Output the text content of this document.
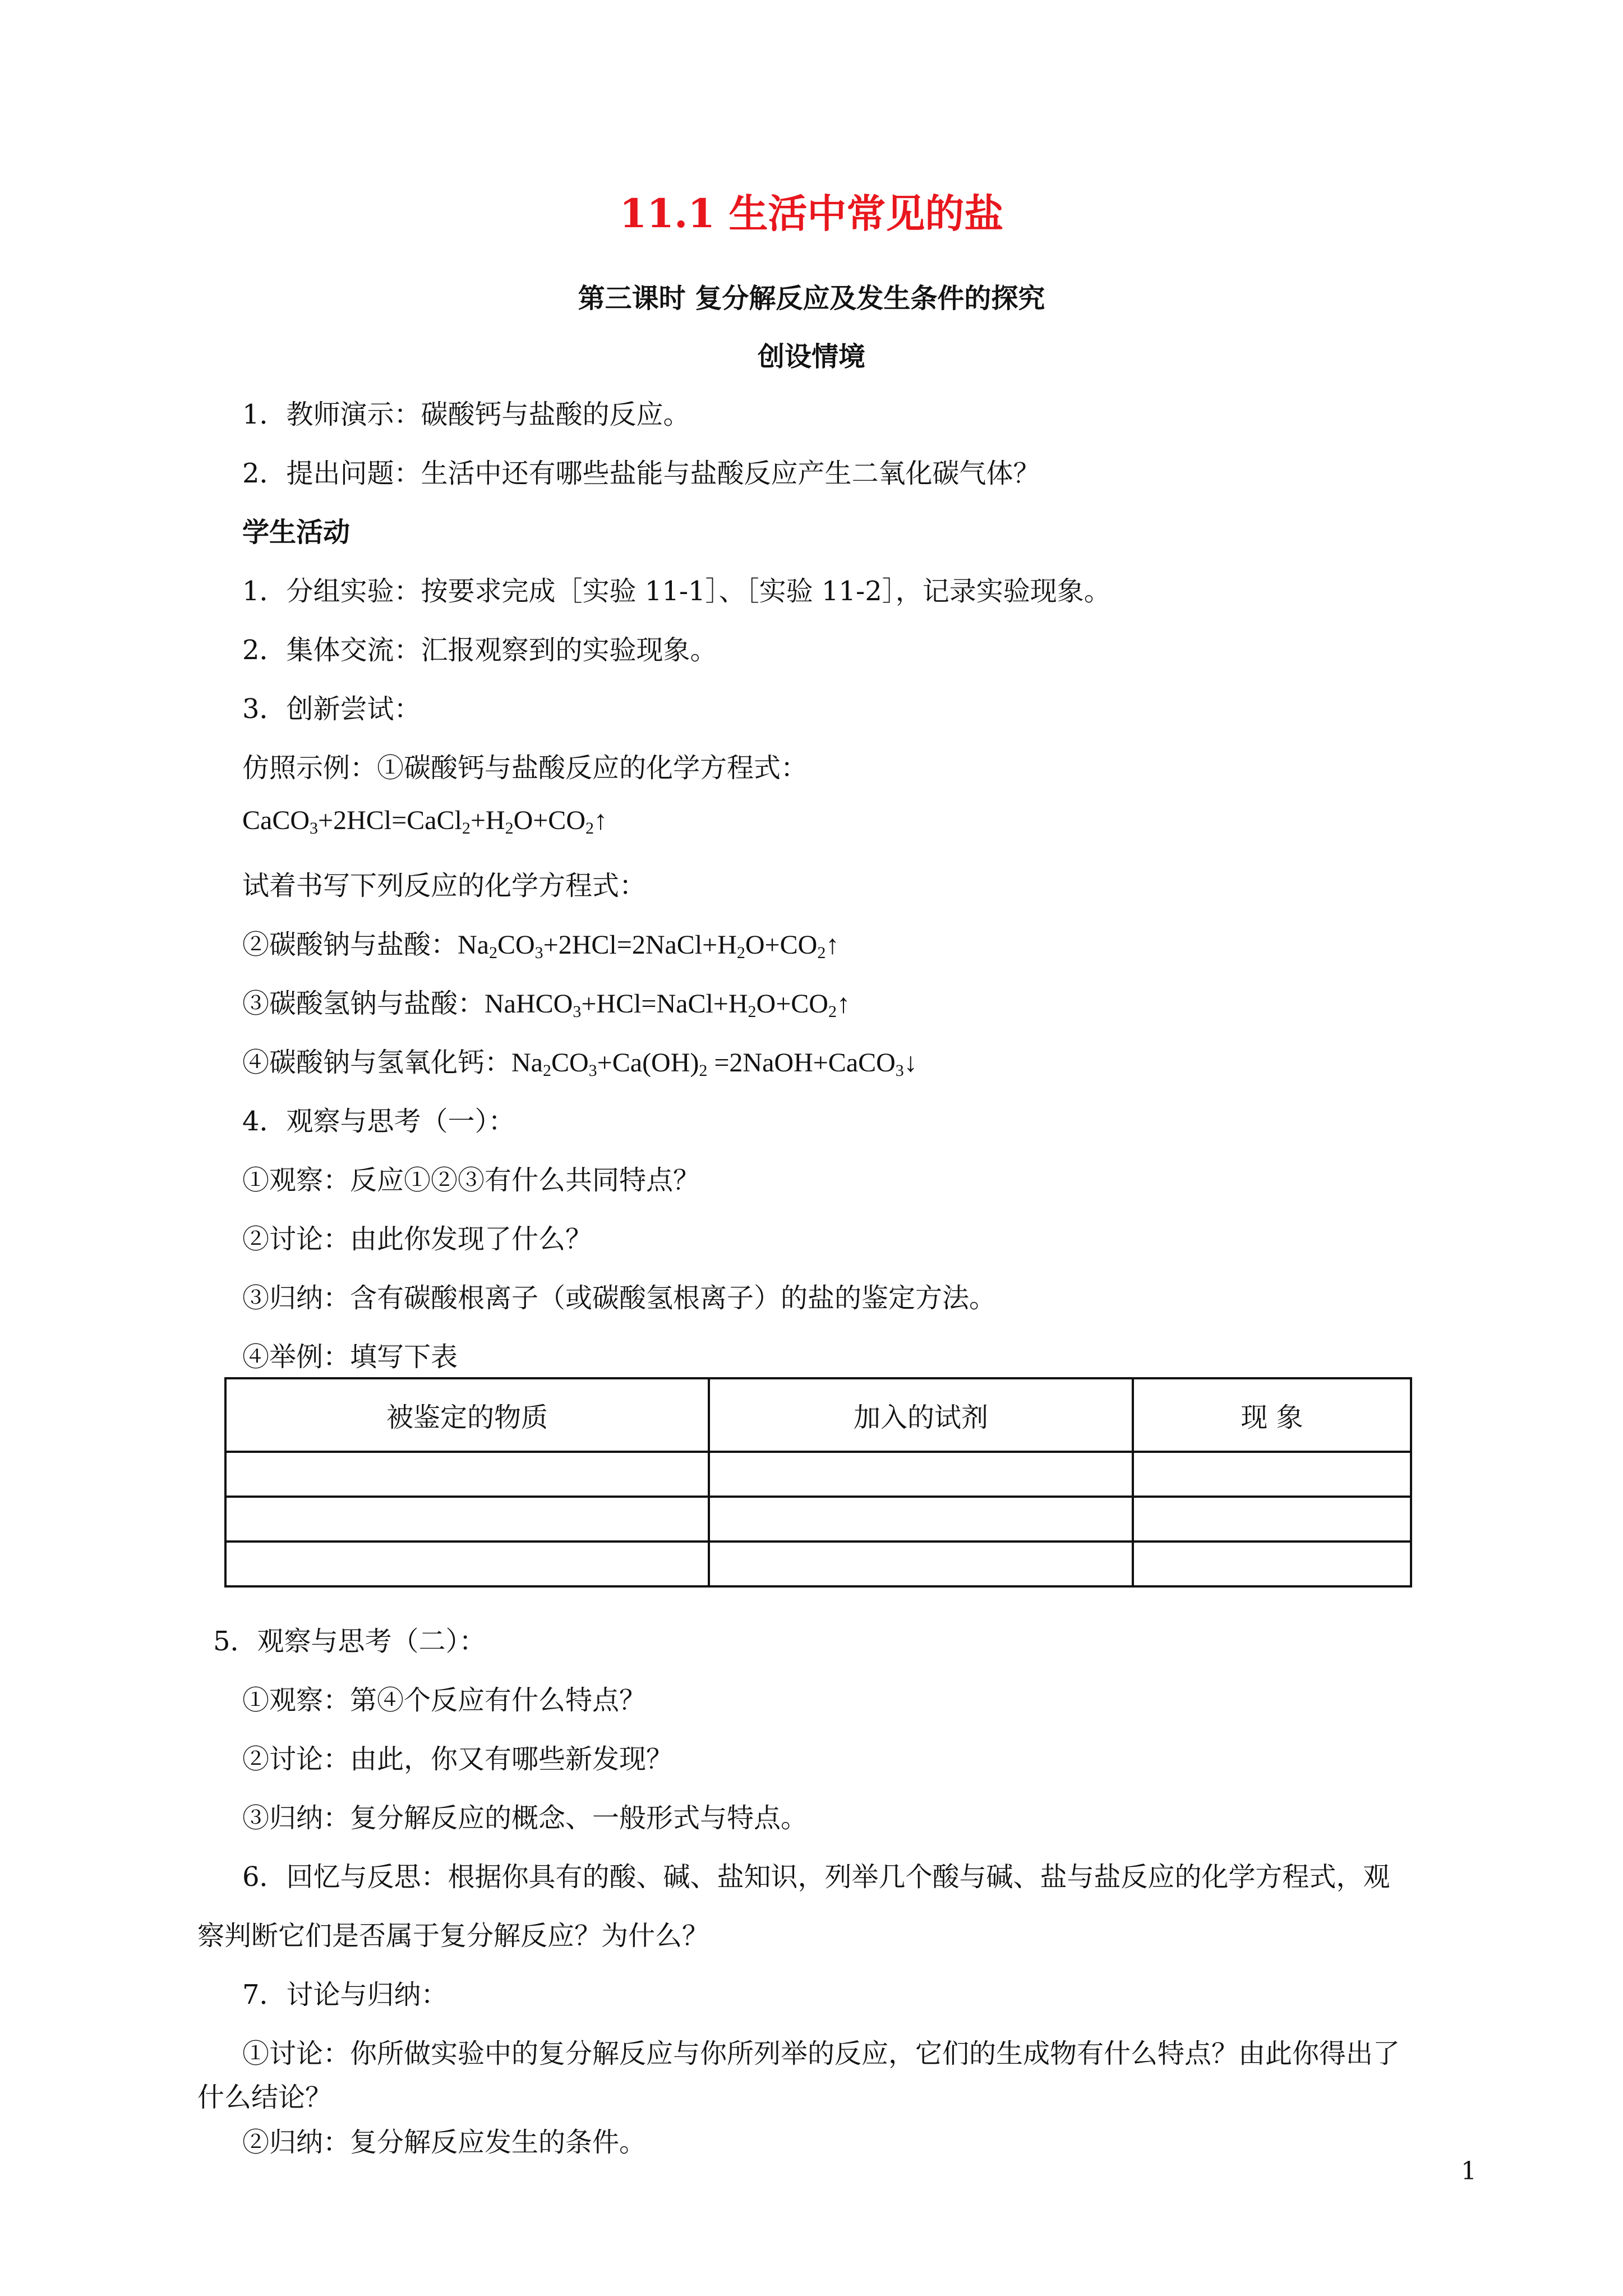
11.1 生活中常见的盐
第三课时 复分解反应及发生条件的探究
创设情境
1．教师演示：碳酸钙与盐酸的反应。
2．提出问题：生活中还有哪些盐能与盐酸反应产生二氧化碳气体？
学生活动
1．分组实验：按要求完成［实验 11-1］、［实验 11-2］，记录实验现象。
2．集体交流：汇报观察到的实验现象。
3．创新尝试：
仿照示例：①碳酸钙与盐酸反应的化学方程式：
$CaCO_3+2HCl=CaCl_2+H_2O+CO_2↑$
试着书写下列反应的化学方程式：
②碳酸钠与盐酸：$Na_2CO_3+2HCl=2NaCl+H_2O+CO_2↑$
③碳酸氢钠与盐酸：$NaHCO_3+HCl=NaCl+H_2O+CO_2↑$
④碳酸钠与氢氧化钙：$Na_2CO_3+Ca(OH)_2$ =2NaOH+CaCO$_3$↓
4．观察与思考（一）：
①观察：反应①②③有什么共同特点？
②讨论：由此你发现了什么？
③归纳：含有碳酸根离子（或碳酸氢根离子）的盐的鉴定方法。
④举例：填写下表
被鉴定的物质	加入的试剂	现 象

5．观察与思考（二）：
①观察：第④个反应有什么特点？
②讨论：由此，你又有哪些新发现？
③归纳：复分解反应的概念、一般形式与特点。
6．回忆与反思：根据你具有的酸、碱、盐知识，列举几个酸与碱、盐与盐反应的化学方程式，观
察判断它们是否属于复分解反应？为什么？
7．讨论与归纳：
①讨论：你所做实验中的复分解反应与你所列举的反应，它们的生成物有什么特点？由此你得出了
什么结论？
②归纳：复分解反应发生的条件。
1
